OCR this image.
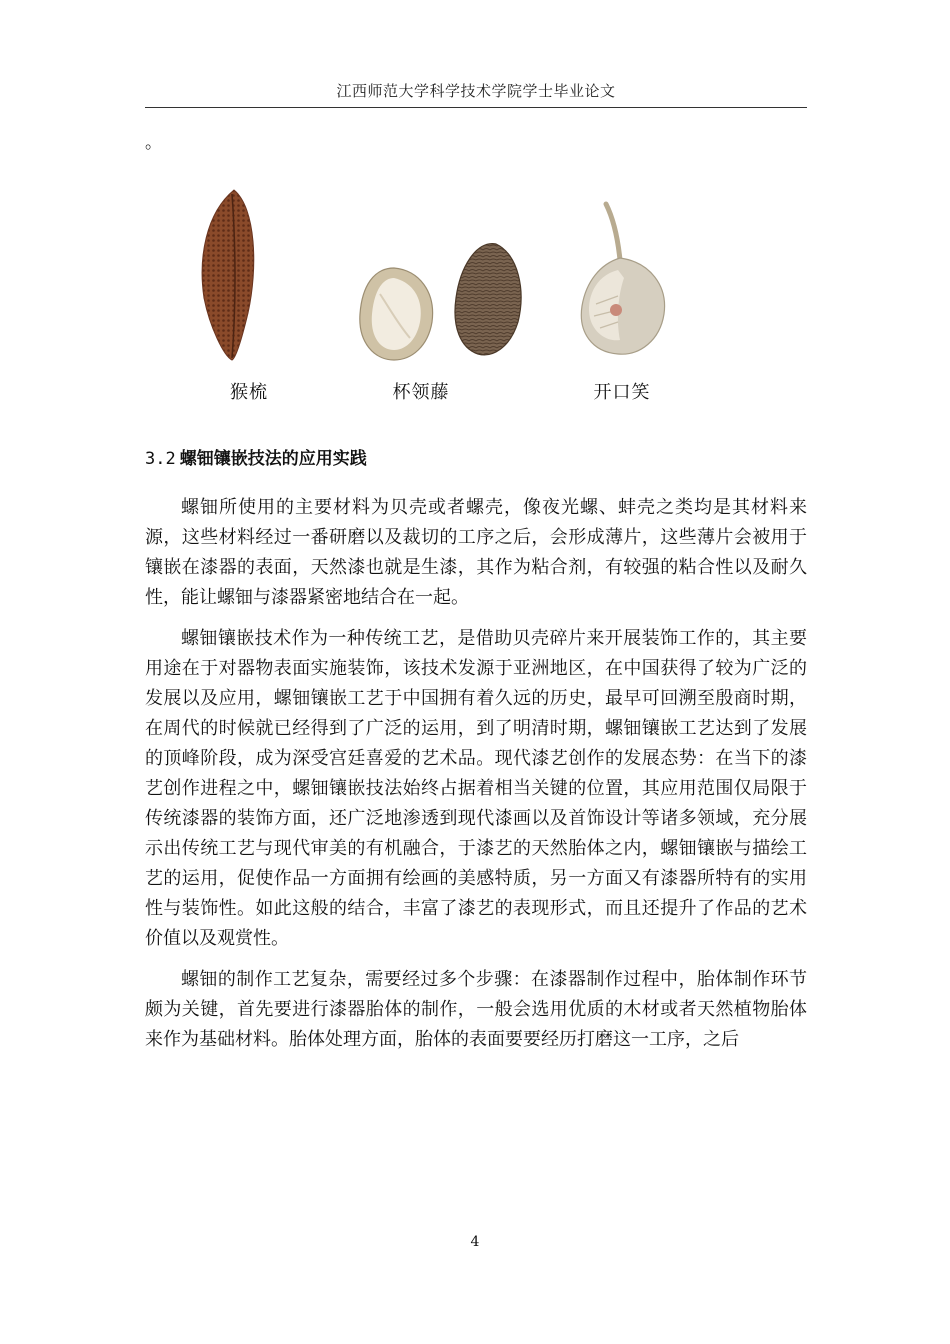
江西师范大学科学技术学院学士毕业论文
。
猴梳	杯领藤	开口笑
3.2 螺钿镶嵌技法的应用实践

螺钿所使用的主要材料为贝壳或者螺壳，像夜光螺、蚌壳之类均是其材料来源，这些材料经过一番研磨以及裁切的工序之后，会形成薄片，这些薄片会被用于镶嵌在漆器的表面，天然漆也就是生漆，其作为粘合剂，有较强的粘合性以及耐久性，能让螺钿与漆器紧密地结合在一起。

螺钿镶嵌技术作为一种传统工艺，是借助贝壳碎片来开展装饰工作的，其主要用途在于对器物表面实施装饰，该技术发源于亚洲地区，在中国获得了较为广泛的发展以及应用，螺钿镶嵌工艺于中国拥有着久远的历史，最早可回溯至殷商时期，在周代的时候就已经得到了广泛的运用，到了明清时期，螺钿镶嵌工艺达到了发展的顶峰阶段，成为深受宫廷喜爱的艺术品。现代漆艺创作的发展态势：在当下的漆艺创作进程之中，螺钿镶嵌技法始终占据着相当关键的位置，其应用范围仅局限于传统漆器的装饰方面，还广泛地渗透到现代漆画以及首饰设计等诸多领域，充分展示出传统工艺与现代审美的有机融合，于漆艺的天然胎体之内，螺钿镶嵌与描绘工艺的运用，促使作品一方面拥有绘画的美感特质，另一方面又有漆器所特有的实用性与装饰性。如此这般的结合，丰富了漆艺的表现形式，而且还提升了作品的艺术价值以及观赏性。

螺钿的制作工艺复杂，需要经过多个步骤：在漆器制作过程中，胎体制作环节颇为关键，首先要进行漆器胎体的制作，一般会选用优质的木材或者天然植物胎体来作为基础材料。胎体处理方面，胎体的表面要要经历打磨这一工序，之后

4
